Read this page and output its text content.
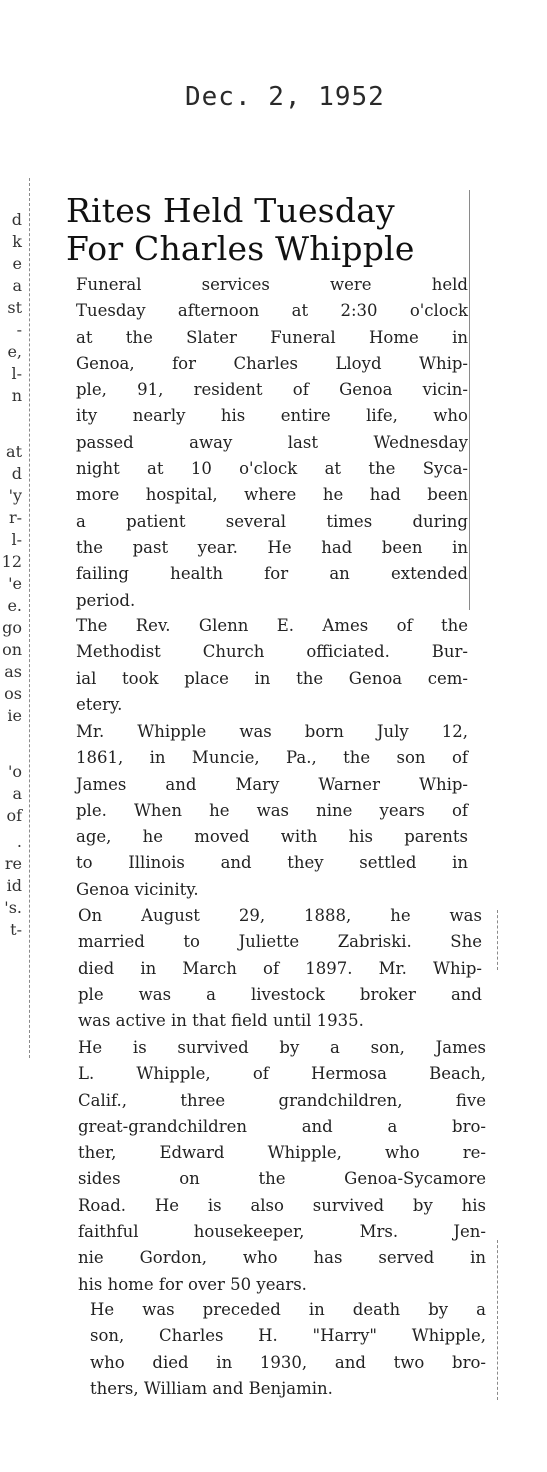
Dec. 2, 1952
d
k
e
a
st
-
e,
l-
n
at
d
'y
r-
l-
12
'e
e.
go
on
as
os
ie
'o
a
of
.
re
id
's.
t-
Rites Held Tuesday
For Charles Whipple
Funeral services were held
Tuesday afternoon at 2:30 o'clock
at the Slater Funeral Home in
Genoa, for Charles Lloyd Whip-
ple, 91, resident of Genoa vicin-
ity nearly his entire life, who
passed away last Wednesday
night at 10 o'clock at the Syca-
more hospital, where he had been
a patient several times during
the past year. He had been in
failing health for an extended
period.
The Rev. Glenn E. Ames of the
Methodist Church officiated. Bur-
ial took place in the Genoa cem-
etery.
Mr. Whipple was born July 12,
1861, in Muncie, Pa., the son of
James and Mary Warner Whip-
ple. When he was nine years of
age, he moved with his parents
to Illinois and they settled in
Genoa vicinity.
On August 29, 1888, he was
married to Juliette Zabriski. She
died in March of 1897. Mr. Whip-
ple was a livestock broker and
was active in that field until 1935.
He is survived by a son, James
L. Whipple, of Hermosa Beach,
Calif., three grandchildren, five
great-grandchildren and a bro-
ther, Edward Whipple, who re-
sides on the Genoa-Sycamore
Road. He is also survived by his
faithful housekeeper, Mrs. Jen-
nie Gordon, who has served in
his home for over 50 years.
He was preceded in death by a
son, Charles H. "Harry" Whipple,
who died in 1930, and two bro-
thers, William and Benjamin.
